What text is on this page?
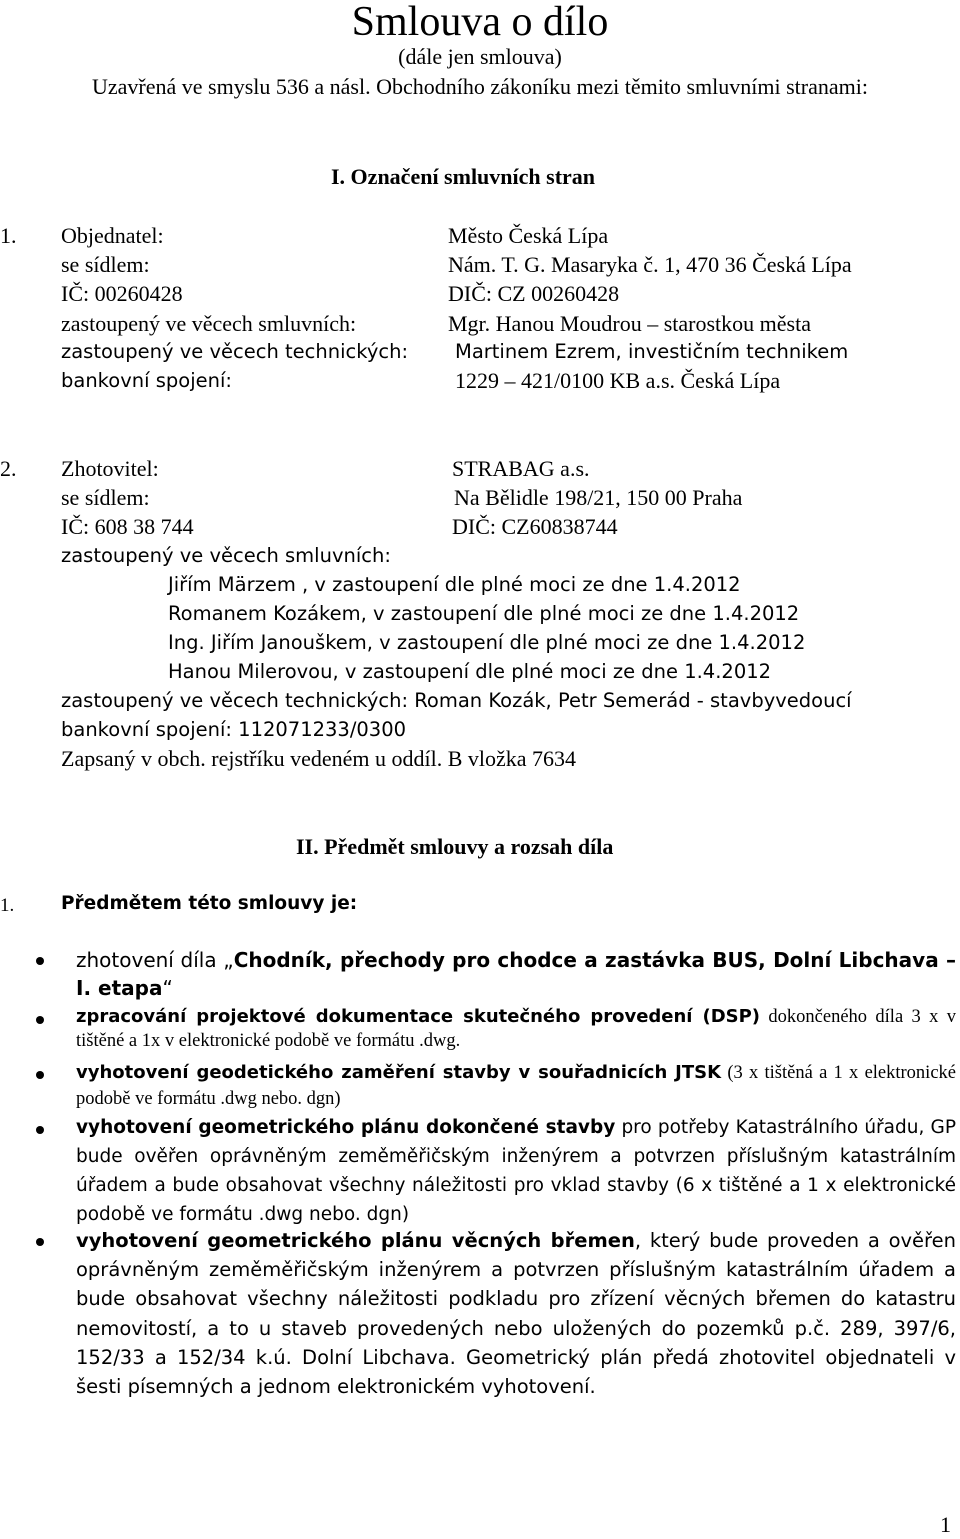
Smlouva o dílo
(dále jen smlouva)
Uzavřená ve smyslu 536 a násl. Obchodního zákoníku mezi těmito smluvními stranami:
I. Označení smluvních stran
1. Objednatel:	Město Česká Lípa
se sídlem:	Nám. T. G. Masaryka č. 1, 470 36 Česká Lípa
IČ: 00260428	DIČ: CZ 00260428
zastoupený ve věcech smluvních:	Mgr. Hanou Moudrou – starostkou města
zastoupený ve věcech technických: Martinem Ezrem, investičním technikem
bankovní spojení:	1229 – 421/0100 KB a.s. Česká Lípa
2. Zhotovitel:	STRABAG a.s.
se sídlem:	Na Bělidle 198/21, 150 00 Praha
IČ: 608 38 744	DIČ: CZ60838744
zastoupený ve věcech smluvních:
Jiřím Märzem , v zastoupení dle plné moci ze dne 1.4.2012
Romanem Kozákem, v zastoupení dle plné moci ze dne 1.4.2012
Ing. Jiřím Janouškem, v zastoupení dle plné moci ze dne 1.4.2012
Hanou Milerovou, v zastoupení dle plné moci ze dne 1.4.2012
zastoupený ve věcech technických: Roman Kozák, Petr Semerád - stavbyvedoucí
bankovní spojení: 112071233/0300
Zapsaný v obch. rejstříku vedeném u oddíl. B vložka 7634
II. Předmět smlouvy a rozsah díla
1.	Předmětem této smlouvy je:
zhotovení díla „Chodník, přechody pro chodce a zastávka BUS, Dolní Libchava – I. etapa“
zpracování projektové dokumentace skutečného provedení (DSP) dokončeného díla 3 x v tištěné a 1x v elektronické podobě ve formátu .dwg.
vyhotovení geodetického zaměření stavby v souřadnicích JTSK (3 x tištěná a 1 x elektronické podobě ve formátu .dwg nebo. dgn)
vyhotovení geometrického plánu dokončené stavby pro potřeby Katastrálního úřadu, GP bude ověřen oprávněným zeměměřičským inženýrem a potvrzen příslušným katastrálním úřadem a bude obsahovat všechny náležitosti pro vklad stavby (6 x tištěné a 1 x elektronické podobě ve formátu .dwg nebo. dgn)
vyhotovení geometrického plánu věcných břemen, který bude proveden a ověřen oprávněným zeměměřičským inženýrem a potvrzen příslušným katastrálním úřadem a bude obsahovat všechny náležitosti podkladu pro zřízení věcných břemen do katastru nemovitostí, a to u staveb provedených nebo uložených do pozemků p.č. 289, 397/6, 152/33 a 152/34 k.ú. Dolní Libchava. Geometrický plán předá zhotovitel objednateli v šesti písemných a jednom elektronickém vyhotovení.
1
